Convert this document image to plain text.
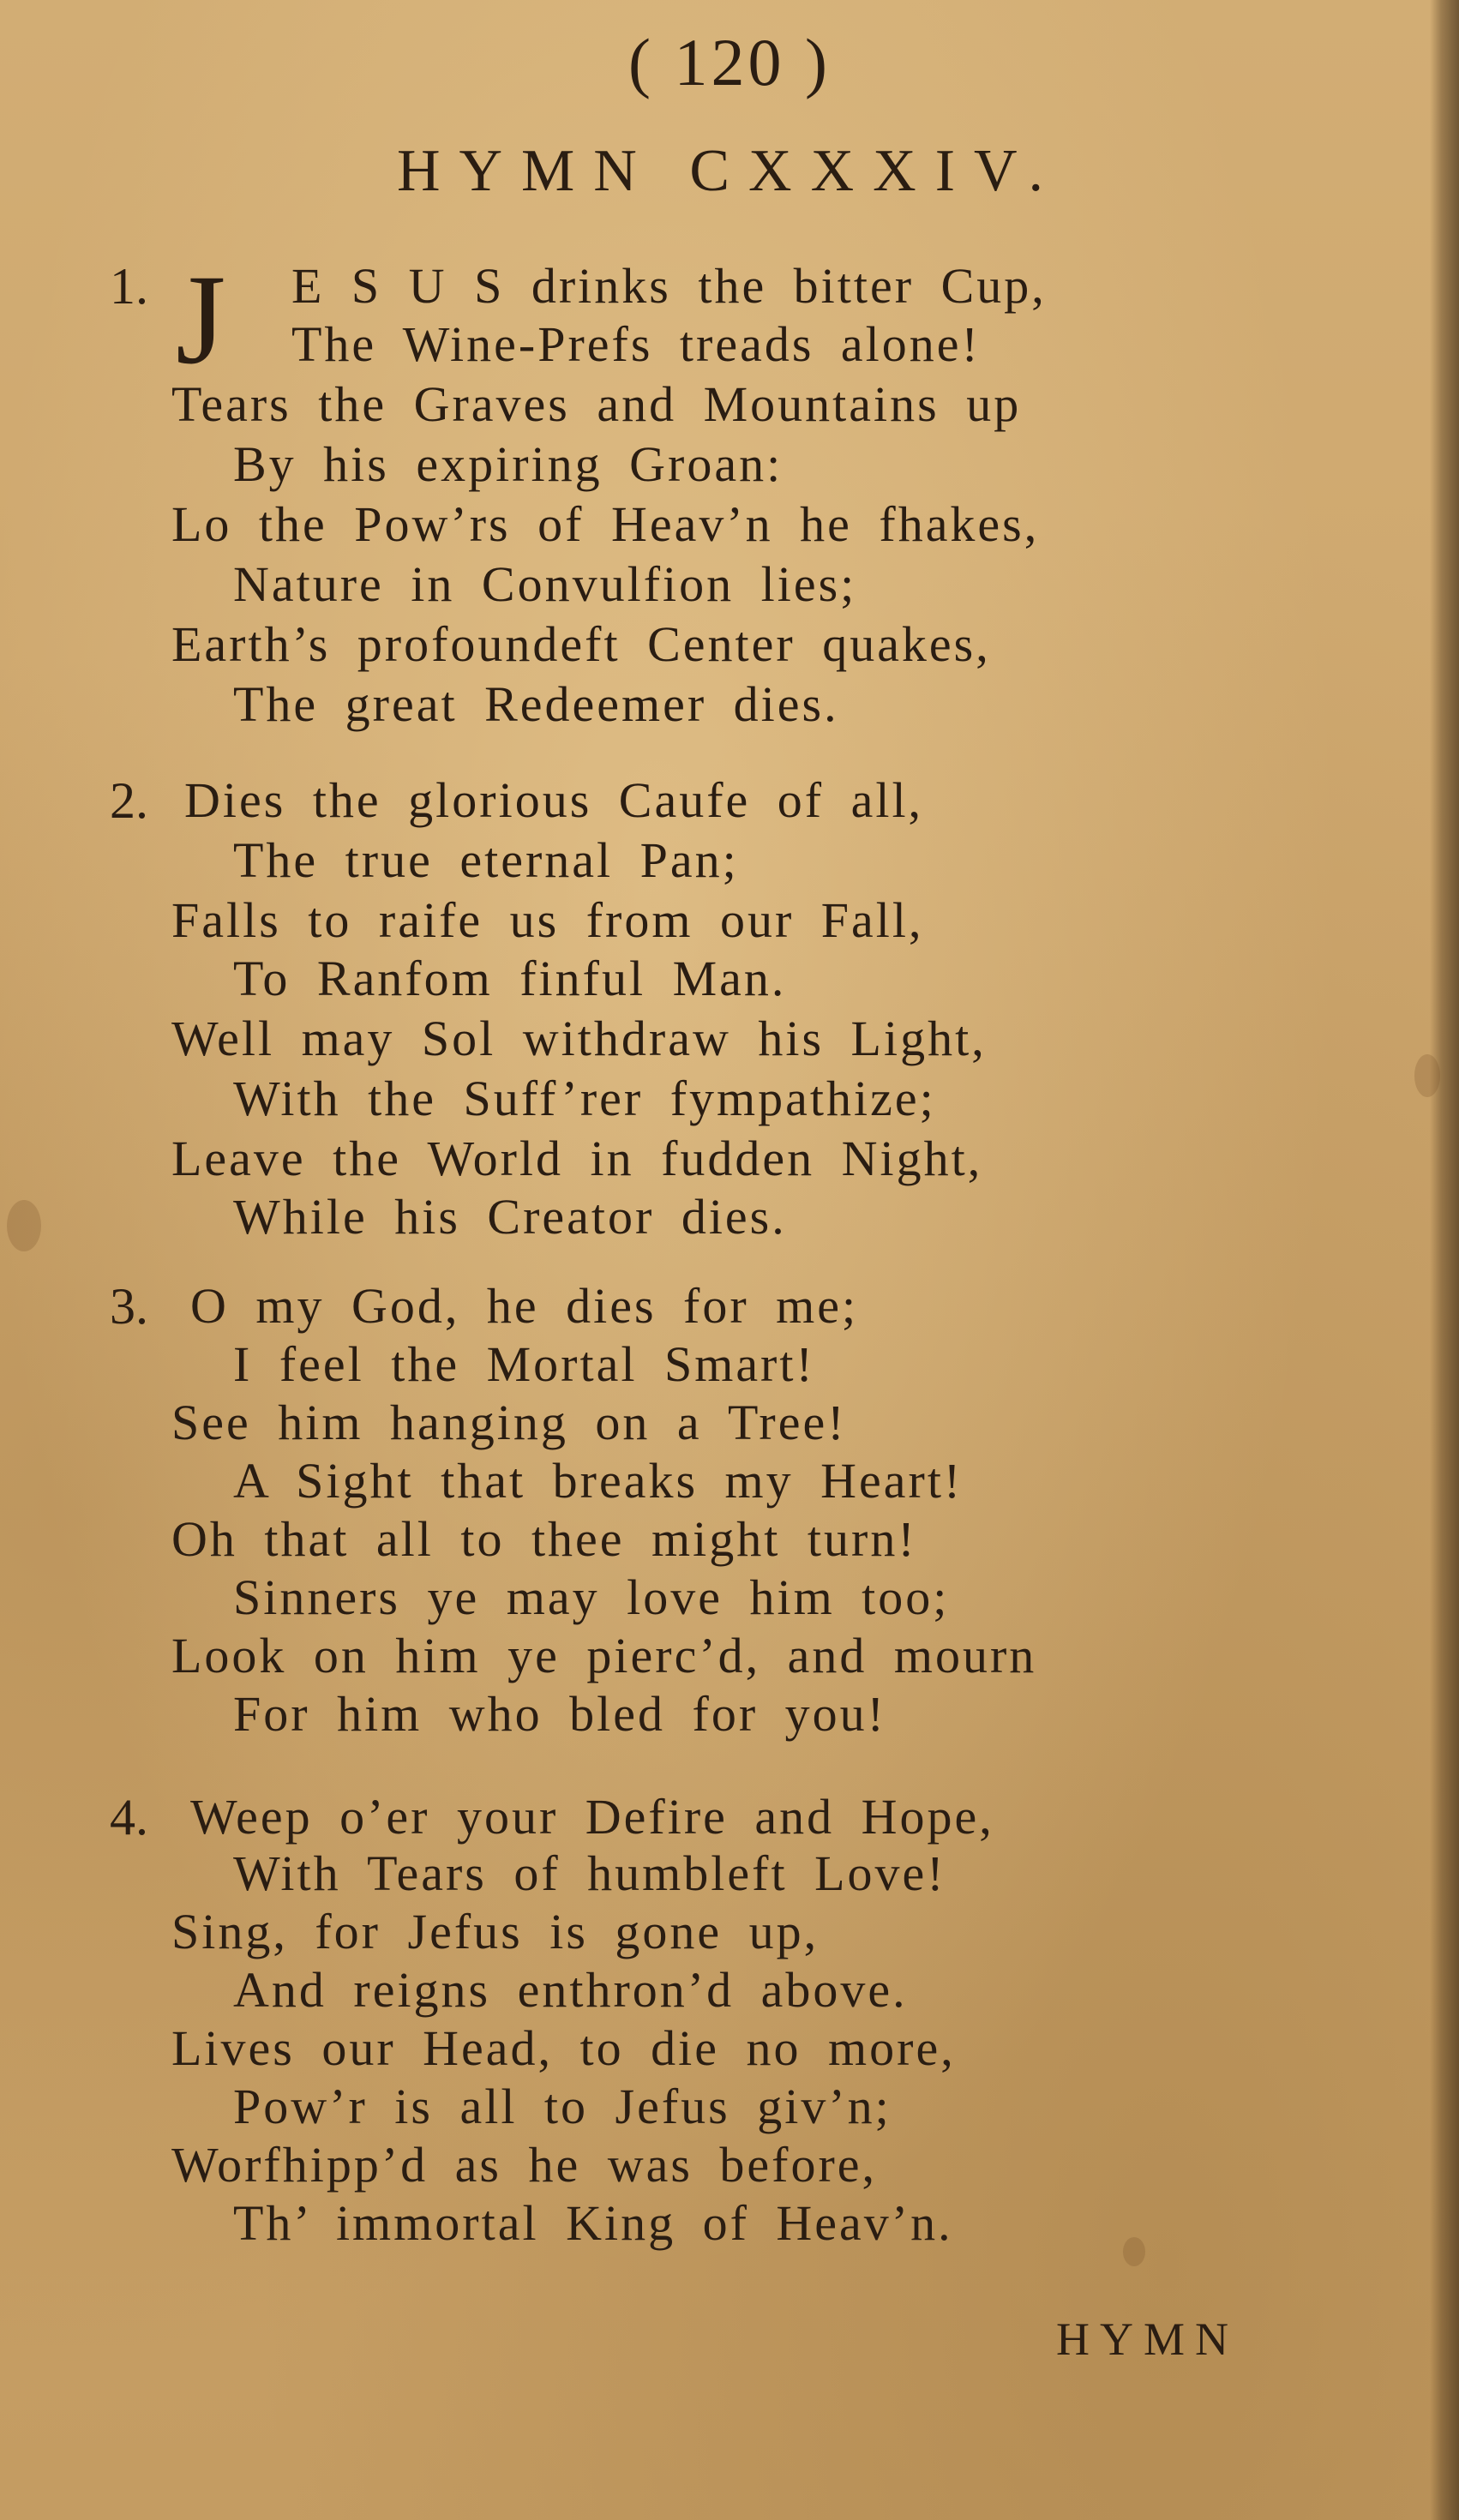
( 120 )
HYMN CXXXIV.
1. J E S U S drinks the bitter Cup,
The Wine-Prefs treads alone!
Tears the Graves and Mountains up
By his expiring Groan:
Lo the Pow’rs of Heav’n he fhakes,
Nature in Convulfion lies;
Earth’s profoundeft Center quakes,
The great Redeemer dies.
2. Dies the glorious Caufe of all,
The true eternal Pan;
Falls to raife us from our Fall,
To Ranfom finful Man.
Well may Sol withdraw his Light,
With the Suff’rer fympathize;
Leave the World in fudden Night,
While his Creator dies.
3. O my God, he dies for me;
I feel the Mortal Smart!
See him hanging on a Tree!
A Sight that breaks my Heart!
Oh that all to thee might turn!
Sinners ye may love him too;
Look on him ye pierc’d, and mourn
For him who bled for you!
4. Weep o’er your Defire and Hope,
With Tears of humbleft Love!
Sing, for Jefus is gone up,
And reigns enthron’d above.
Lives our Head, to die no more,
Pow’r is all to Jefus giv’n;
Worfhipp’d as he was before,
Th’ immortal King of Heav’n.
HYMN
